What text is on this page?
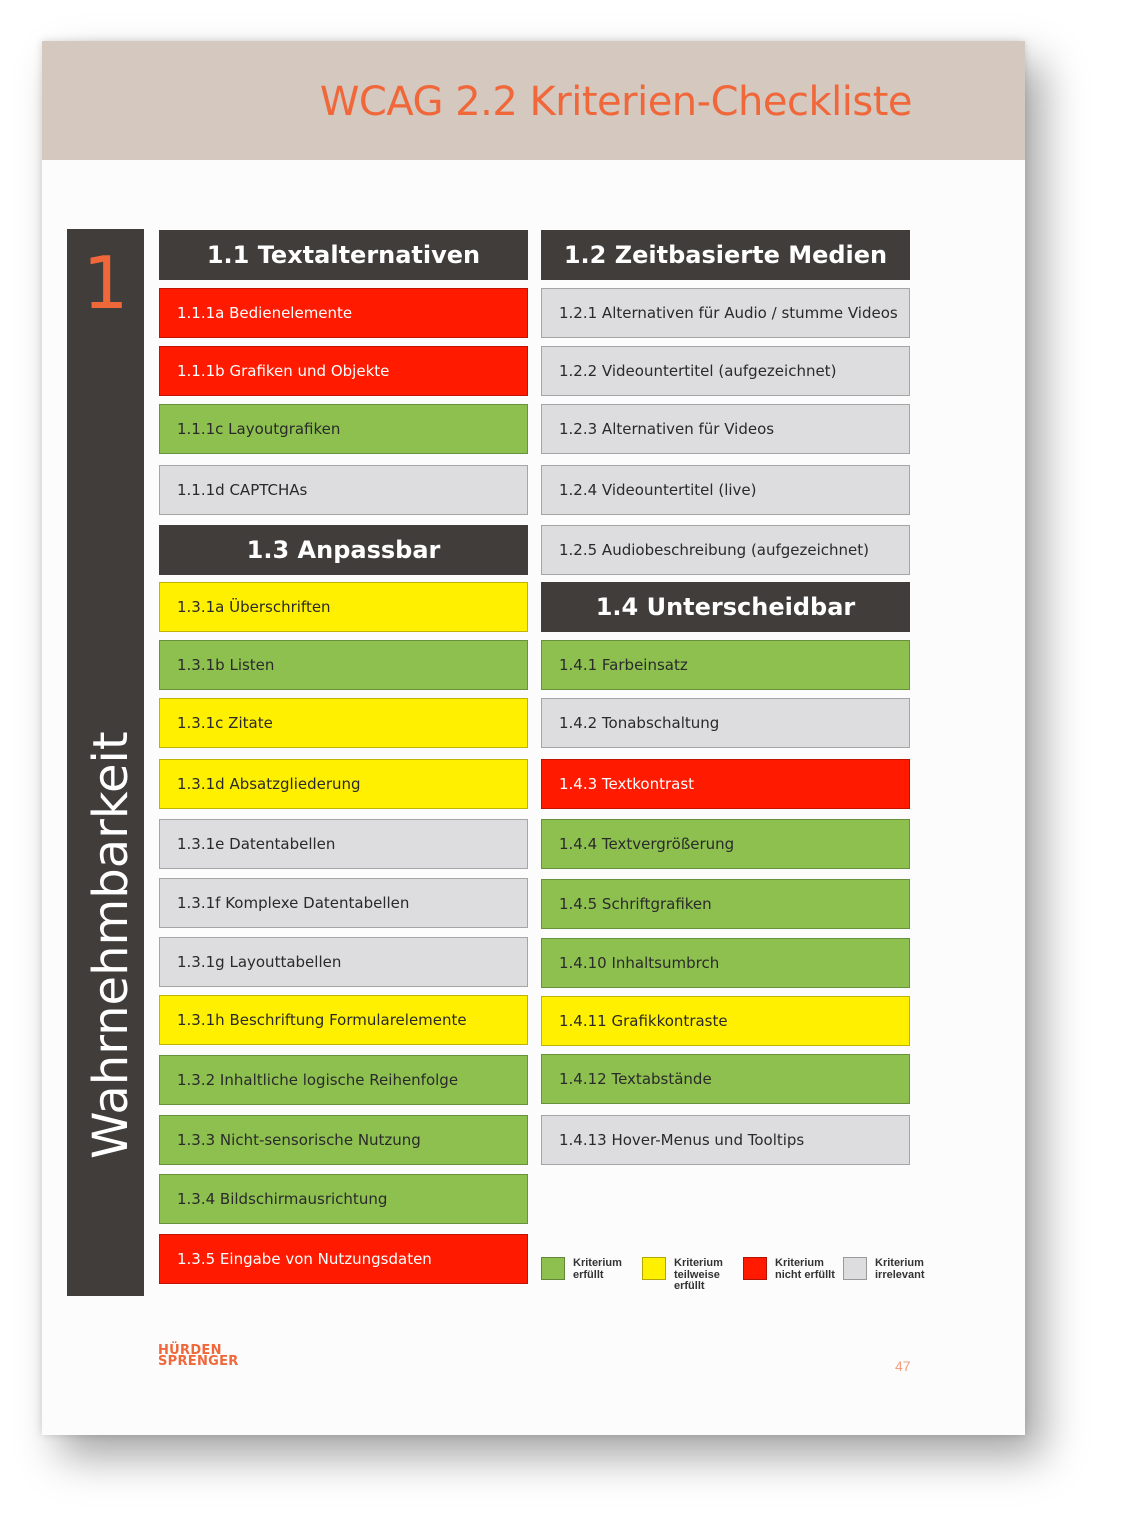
WCAG 2.2 Kriterien-Checkliste
1
Wahrnehmbarkeit
1.1 Textalternativen
1.1.1a Bedienelemente
1.1.1b Grafiken und Objekte
1.1.1c Layoutgrafiken
1.1.1d CAPTCHAs
1.3 Anpassbar
1.3.1a Überschriften
1.3.1b Listen
1.3.1c Zitate
1.3.1d Absatzgliederung
1.3.1e Datentabellen
1.3.1f Komplexe Datentabellen
1.3.1g Layouttabellen
1.3.1h Beschriftung Formularelemente
1.3.2 Inhaltliche logische Reihenfolge
1.3.3 Nicht-sensorische Nutzung
1.3.4 Bildschirmausrichtung
1.3.5 Eingabe von Nutzungsdaten
1.2 Zeitbasierte Medien
1.2.1 Alternativen für Audio / stumme Videos
1.2.2 Videountertitel (aufgezeichnet)
1.2.3 Alternativen für Videos
1.2.4 Videountertitel (live)
1.2.5 Audiobeschreibung (aufgezeichnet)
1.4 Unterscheidbar
1.4.1 Farbeinsatz
1.4.2 Tonabschaltung
1.4.3 Textkontrast
1.4.4 Textvergrößerung
1.4.5 Schriftgrafiken
1.4.10 Inhaltsumbrch
1.4.11 Grafikkontraste
1.4.12 Textabstände
1.4.13 Hover-Menus und Tooltips
Kriterium erfüllt
Kriterium teilweise erfüllt
Kriterium nicht erfüllt
Kriterium irrelevant
HÜRDEN
SPRENGER	47
